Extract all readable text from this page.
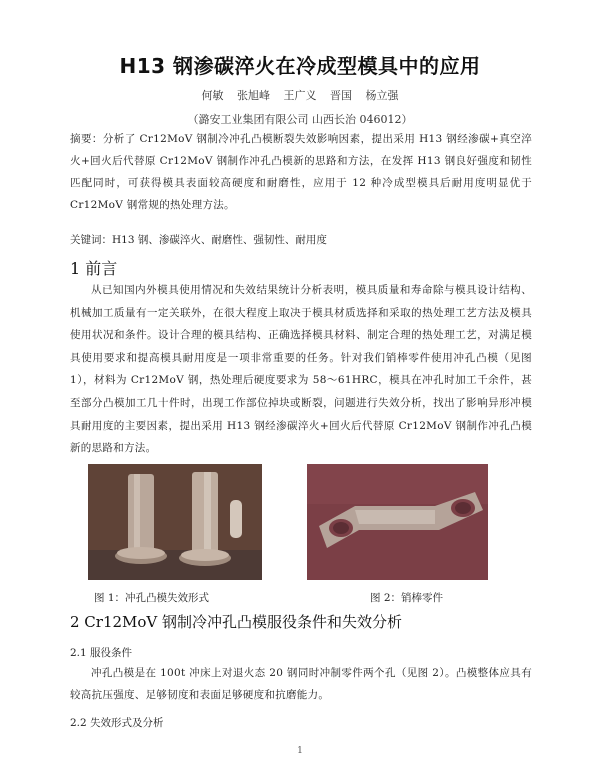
H13 钢渗碳淬火在冷成型模具中的应用
何敏 张旭峰 王广义 晋国 杨立强
（潞安工业集团有限公司 山西长治 046012）
摘要：分析了 Cr12MoV 钢制冷冲孔凸模断裂失效影响因素，提出采用 H13 钢经渗碳+真空淬火+回火后代替原 Cr12MoV 钢制作冲孔凸模新的思路和方法，在发挥 H13 钢良好强度和韧性匹配同时，可获得模具表面较高硬度和耐磨性，应用于 12 种冷成型模具后耐用度明显优于 Cr12MoV 钢常规的热处理方法。
关键词：H13 钢、渗碳淬火、耐磨性、强韧性、耐用度
1 前言
从已知国内外模具使用情况和失效结果统计分析表明，模具质量和寿命除与模具设计结构、机械加工质量有一定关联外，在很大程度上取决于模具材质选择和采取的热处理工艺方法及模具使用状况和条件。设计合理的模具结构、正确选择模具材料、制定合理的热处理工艺，对满足模具使用要求和提高模具耐用度是一项非常重要的任务。针对我们销棒零件使用冲孔凸模（见图 1），材料为 Cr12MoV 钢，热处理后硬度要求为 58～61HRC，模具在冲孔时加工千余件，甚至部分凸模加工几十件时，出现工作部位掉块或断裂，问题进行失效分析，找出了影响异形冲模具耐用度的主要因素，提出采用 H13 钢经渗碳淬火+回火后代替原 Cr12MoV 钢制作冲孔凸模新的思路和方法。
图 1：冲孔凸模失效形式	图 2：销棒零件
2 Cr12MoV 钢制冷冲孔凸模服役条件和失效分析
2.1 服役条件
冲孔凸模是在 100t 冲床上对退火态 20 钢同时冲制零件两个孔（见图 2）。凸模整体应具有较高抗压强度、足够韧度和表面足够硬度和抗磨能力。
2.2 失效形式及分析
1
